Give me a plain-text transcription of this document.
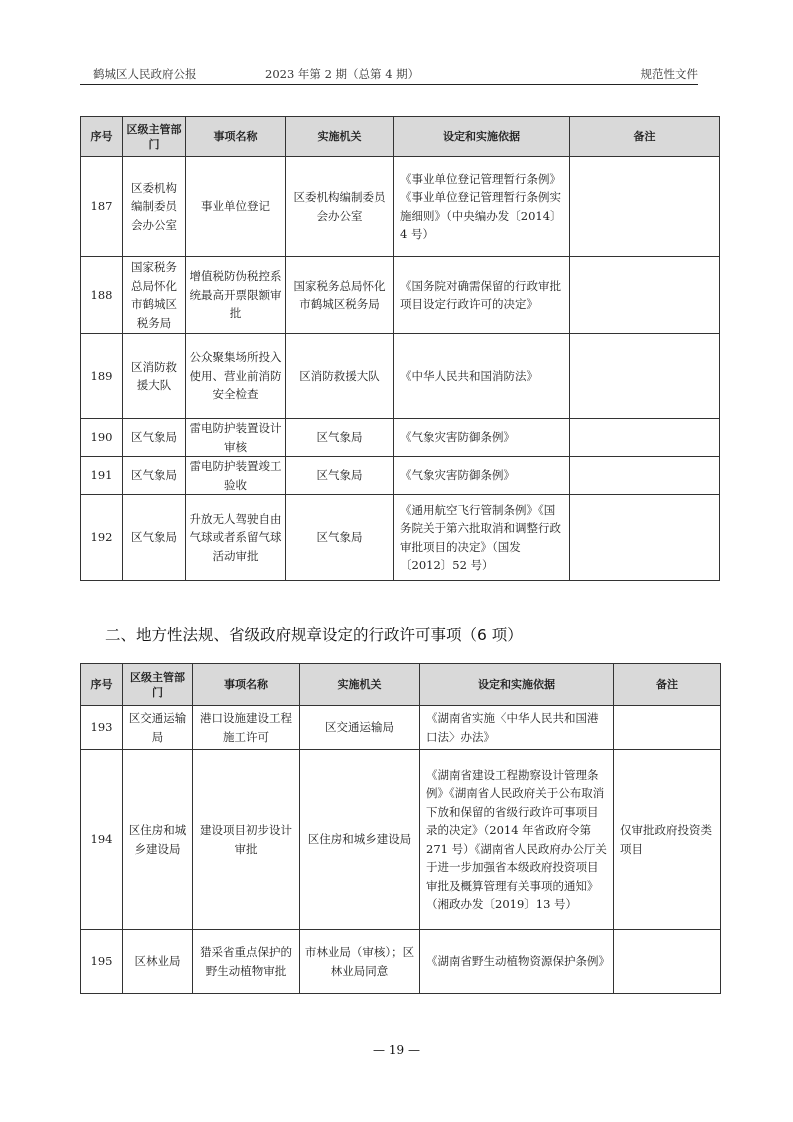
鹤城区人民政府公报	2023 年第 2 期（总第 4 期）	规范性文件
序号	区级主管部门	事项名称	实施机关	设定和实施依据	备注
187	区委机构编制委员会办公室	事业单位登记	区委机构编制委员会办公室	《事业单位登记管理暂行条例》《事业单位登记管理暂行条例实施细则》（中央编办发〔2014〕4 号）	
188	国家税务总局怀化市鹤城区税务局	增值税防伪税控系统最高开票限额审批	国家税务总局怀化市鹤城区税务局	《国务院对确需保留的行政审批项目设定行政许可的决定》	
189	区消防救援大队	公众聚集场所投入使用、营业前消防安全检查	区消防救援大队	《中华人民共和国消防法》	
190	区气象局	雷电防护装置设计审核	区气象局	《气象灾害防御条例》	
191	区气象局	雷电防护装置竣工验收	区气象局	《气象灾害防御条例》	
192	区气象局	升放无人驾驶自由气球或者系留气球活动审批	区气象局	《通用航空飞行管制条例》《国务院关于第六批取消和调整行政审批项目的决定》（国发〔2012〕52 号）	
二、地方性法规、省级政府规章设定的行政许可事项（6 项）
序号	区级主管部门	事项名称	实施机关	设定和实施依据	备注
193	区交通运输局	港口设施建设工程施工许可	区交通运输局	《湖南省实施〈中华人民共和国港口法〉办法》	
194	区住房和城乡建设局	建设项目初步设计审批	区住房和城乡建设局	《湖南省建设工程勘察设计管理条例》《湖南省人民政府关于公布取消下放和保留的省级行政许可事项目录的决定》（2014 年省政府令第 271 号）《湖南省人民政府办公厅关于进一步加强省本级政府投资项目审批及概算管理有关事项的通知》（湘政办发〔2019〕13 号）	仅审批政府投资类项目
195	区林业局	猎采省重点保护的野生动植物审批	市林业局（审核）；区林业局同意	《湖南省野生动植物资源保护条例》	
— 19 —
